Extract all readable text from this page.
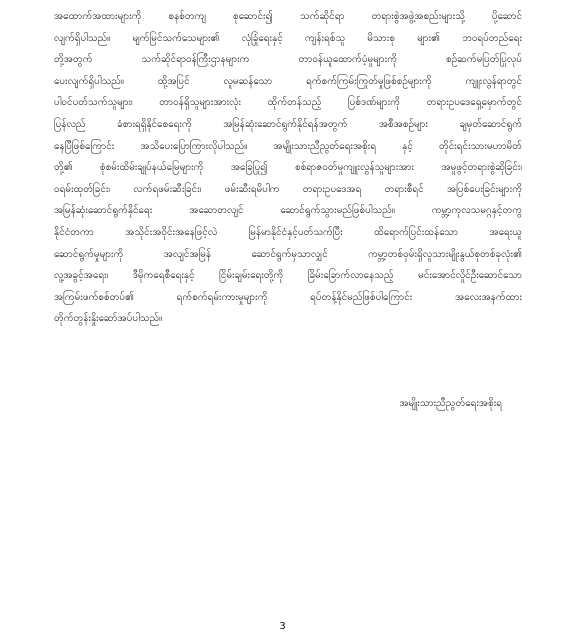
အထောက်အထားများကို စနစ်တကျ စုဆောင်း၍ သက်ဆိုင်ရာ တရားစွဲအဖွဲ့အစည်းများသို့ ပို့ဆောင်
လျက်ရှိပါသည်။ မျက်မြင်သက်သေများ၏ လုံခြုံရေးနှင့် ကျန်းရစ်သူ မိသားစု များ၏ ဘဝရပ်တည်ရေး
တို့အတွက် သက်ဆိုင်ရာဝန်ကြီးဌာနများက တာဝန်ယူထောက်ပံ့မှုများကို စဉ်ဆက်မပြတ်ပြုလုပ်
ပေးလျက်ရှိပါသည်။ ထို့အပြင် လူမဆန်သော ရက်စက်ကြမ်းကြုတ်မှုဖြစ်စဉ်များကို ကျူးလွန်ရာတွင်
ပါဝင်ပတ်သက်သူများ၊ တာဝန်ရှိသူများအားလုံး ထိုက်တန်သည့် ပြစ်ဒဏ်များကို တရားဥပဒေရှေ့မှောက်တွင်
ပြန်လည် ခံစားရရှိနိုင်စေရေးကို အမြန်ဆုံးဆောင်ရွက်နိုင်ရန်အတွက် အစီအစဉ်များ ချမှတ်ဆောင်ရွက်
နေပြီဖြစ်ကြောင်း အသိပေးပြောကြားလိုပါသည်။ အမျိုးသားညီညွတ်ရေးအစိုးရ နှင့် တိုင်းရင်းသားမဟာမိတ်
တို့၏ စုံစမ်းထိမ်းချုပ်နယ်မြေများကို အခြေပြု၍ စစ်ရာဇဝတ်မှုကျူးလွန်သူများအား အမှုဖွင့်တရားစွဲဆိုခြင်း၊
ဝရမ်းထုတ်ခြင်း၊ လက်ရဖမ်းဆီးခြင်း၊ ဖမ်းဆီးရမိပါက တရားဥပဒေအရ တရားစီရင် အပြစ်ပေးခြင်းများကို
အမြန်ဆုံးဆောင်ရွက်နိုင်ရေး အဆောတလျင် ဆောင်ရွက်သွားမည်ဖြစ်ပါသည်။ ကမ္ဘာ့ကုလသမဂ္ဂနှင့်တကွ
နိုင်ငံတကာ အသိုင်းအဝိုင်းအနေဖြင့်လဲ မြန်မာနိုင်ငံနှင့်ပတ်သက်ပြီး ထိရောက်ပြင်းထန်သော အရေးယူ
ဆောင်ရွက်မှုများကို အလျင်အမြန် ဆောင်ရွက်မှသာလျှင် ကမ္ဘာ့တစ်ဝှမ်းရှိလူသားမျိုးနွယ်စုတစ်ခုလုံး၏
လူ့အခွင့်အရေး၊ ဒီမိုကရေစီရေးနှင့် ငြိမ်းချမ်းရေးတို့ကို ခြိမ်းခြောက်လာနေသည့် မင်းအောင်လှိုင်ဦးဆောင်သော
အကြမ်းဖက်စစ်တပ်၏ ရက်စက်ရမ်းကားမှုများကို ရပ်တန့်နိုင်မည်ဖြစ်ပါကြောင်း အလေးအနက်ထား
တိုက်တွန်းနှိုးဆော်အပ်ပါသည်။
အမျိုးသားညီညွတ်ရေးအစိုးရ
3
